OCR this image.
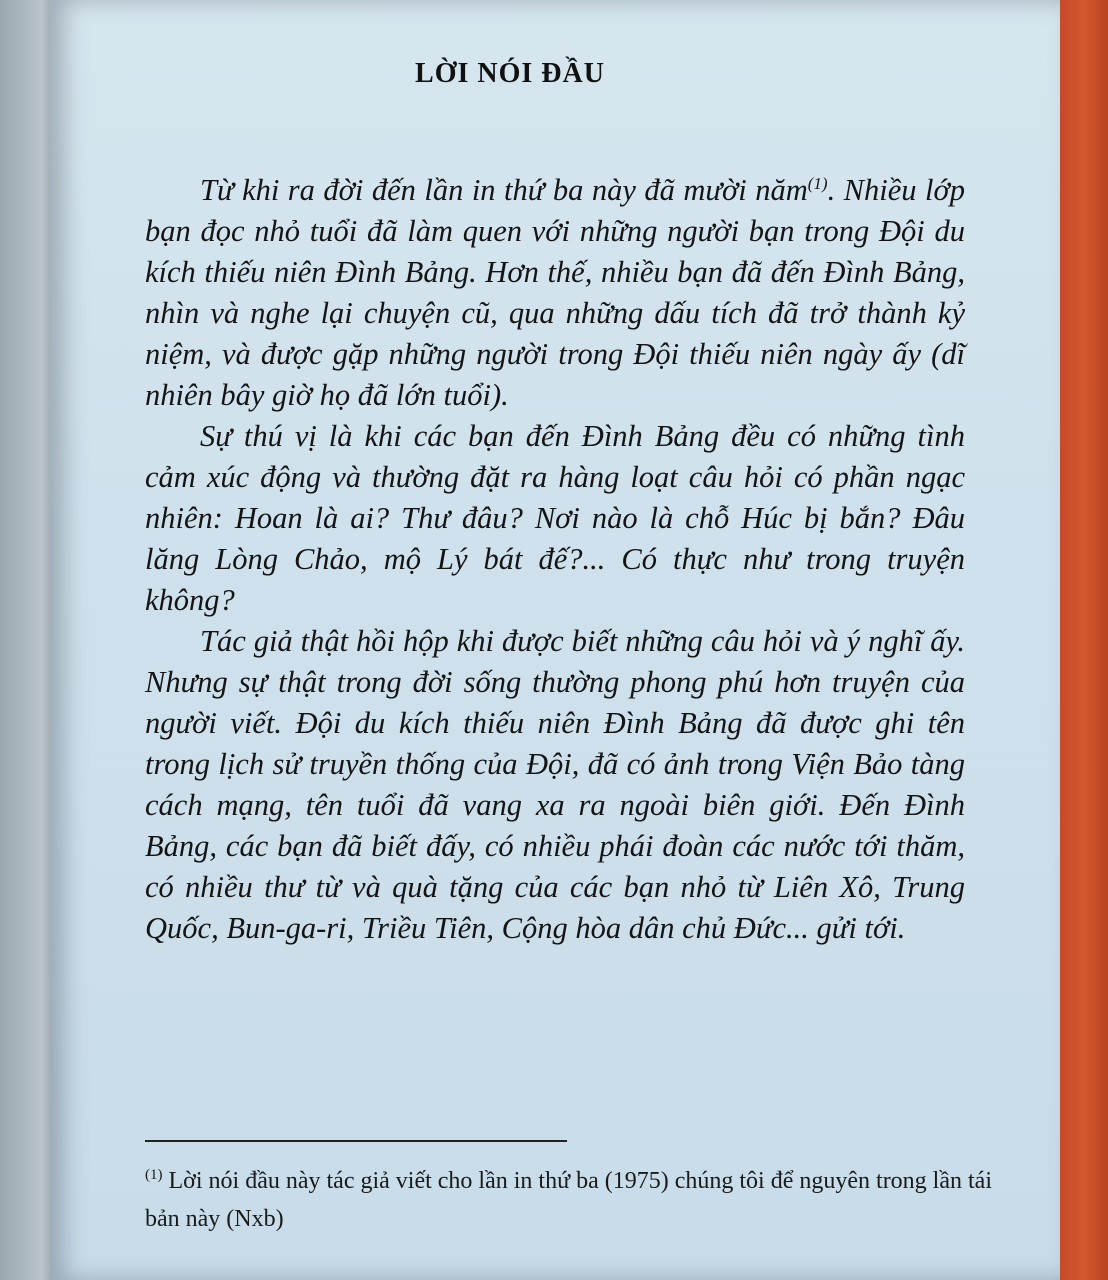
LỜI NÓI ĐẦU

Từ khi ra đời đến lần in thứ ba này đã mười năm$^{(1)}$. Nhiều lớp bạn đọc nhỏ tuổi đã làm quen với những người bạn trong Đội du kích thiếu niên Đình Bảng. Hơn thế, nhiều bạn đã đến Đình Bảng, nhìn và nghe lại chuyện cũ, qua những dấu tích đã trở thành kỷ niệm, và được gặp những người trong Đội thiếu niên ngày ấy (dĩ nhiên bây giờ họ đã lớn tuổi).

Sự thú vị là khi các bạn đến Đình Bảng đều có những tình cảm xúc động và thường đặt ra hàng loạt câu hỏi có phần ngạc nhiên: Hoan là ai? Thư đâu? Nơi nào là chỗ Húc bị bắn? Đâu lăng Lòng Chảo, mộ Lý bát đế?... Có thực như trong truyện không?

Tác giả thật hồi hộp khi được biết những câu hỏi và ý nghĩ ấy. Nhưng sự thật trong đời sống thường phong phú hơn truyện của người viết. Đội du kích thiếu niên Đình Bảng đã được ghi tên trong lịch sử truyền thống của Đội, đã có ảnh trong Viện Bảo tàng cách mạng, tên tuổi đã vang xa ra ngoài biên giới. Đến Đình Bảng, các bạn đã biết đấy, có nhiều phái đoàn các nước tới thăm, có nhiều thư từ và quà tặng của các bạn nhỏ từ Liên Xô, Trung Quốc, Bun-ga-ri, Triều Tiên, Cộng hòa dân chủ Đức... gửi tới.

$^{(1)}$ Lời nói đầu này tác giả viết cho lần in thứ ba (1975) chúng tôi để nguyên trong lần tái bản này (Nxb)
